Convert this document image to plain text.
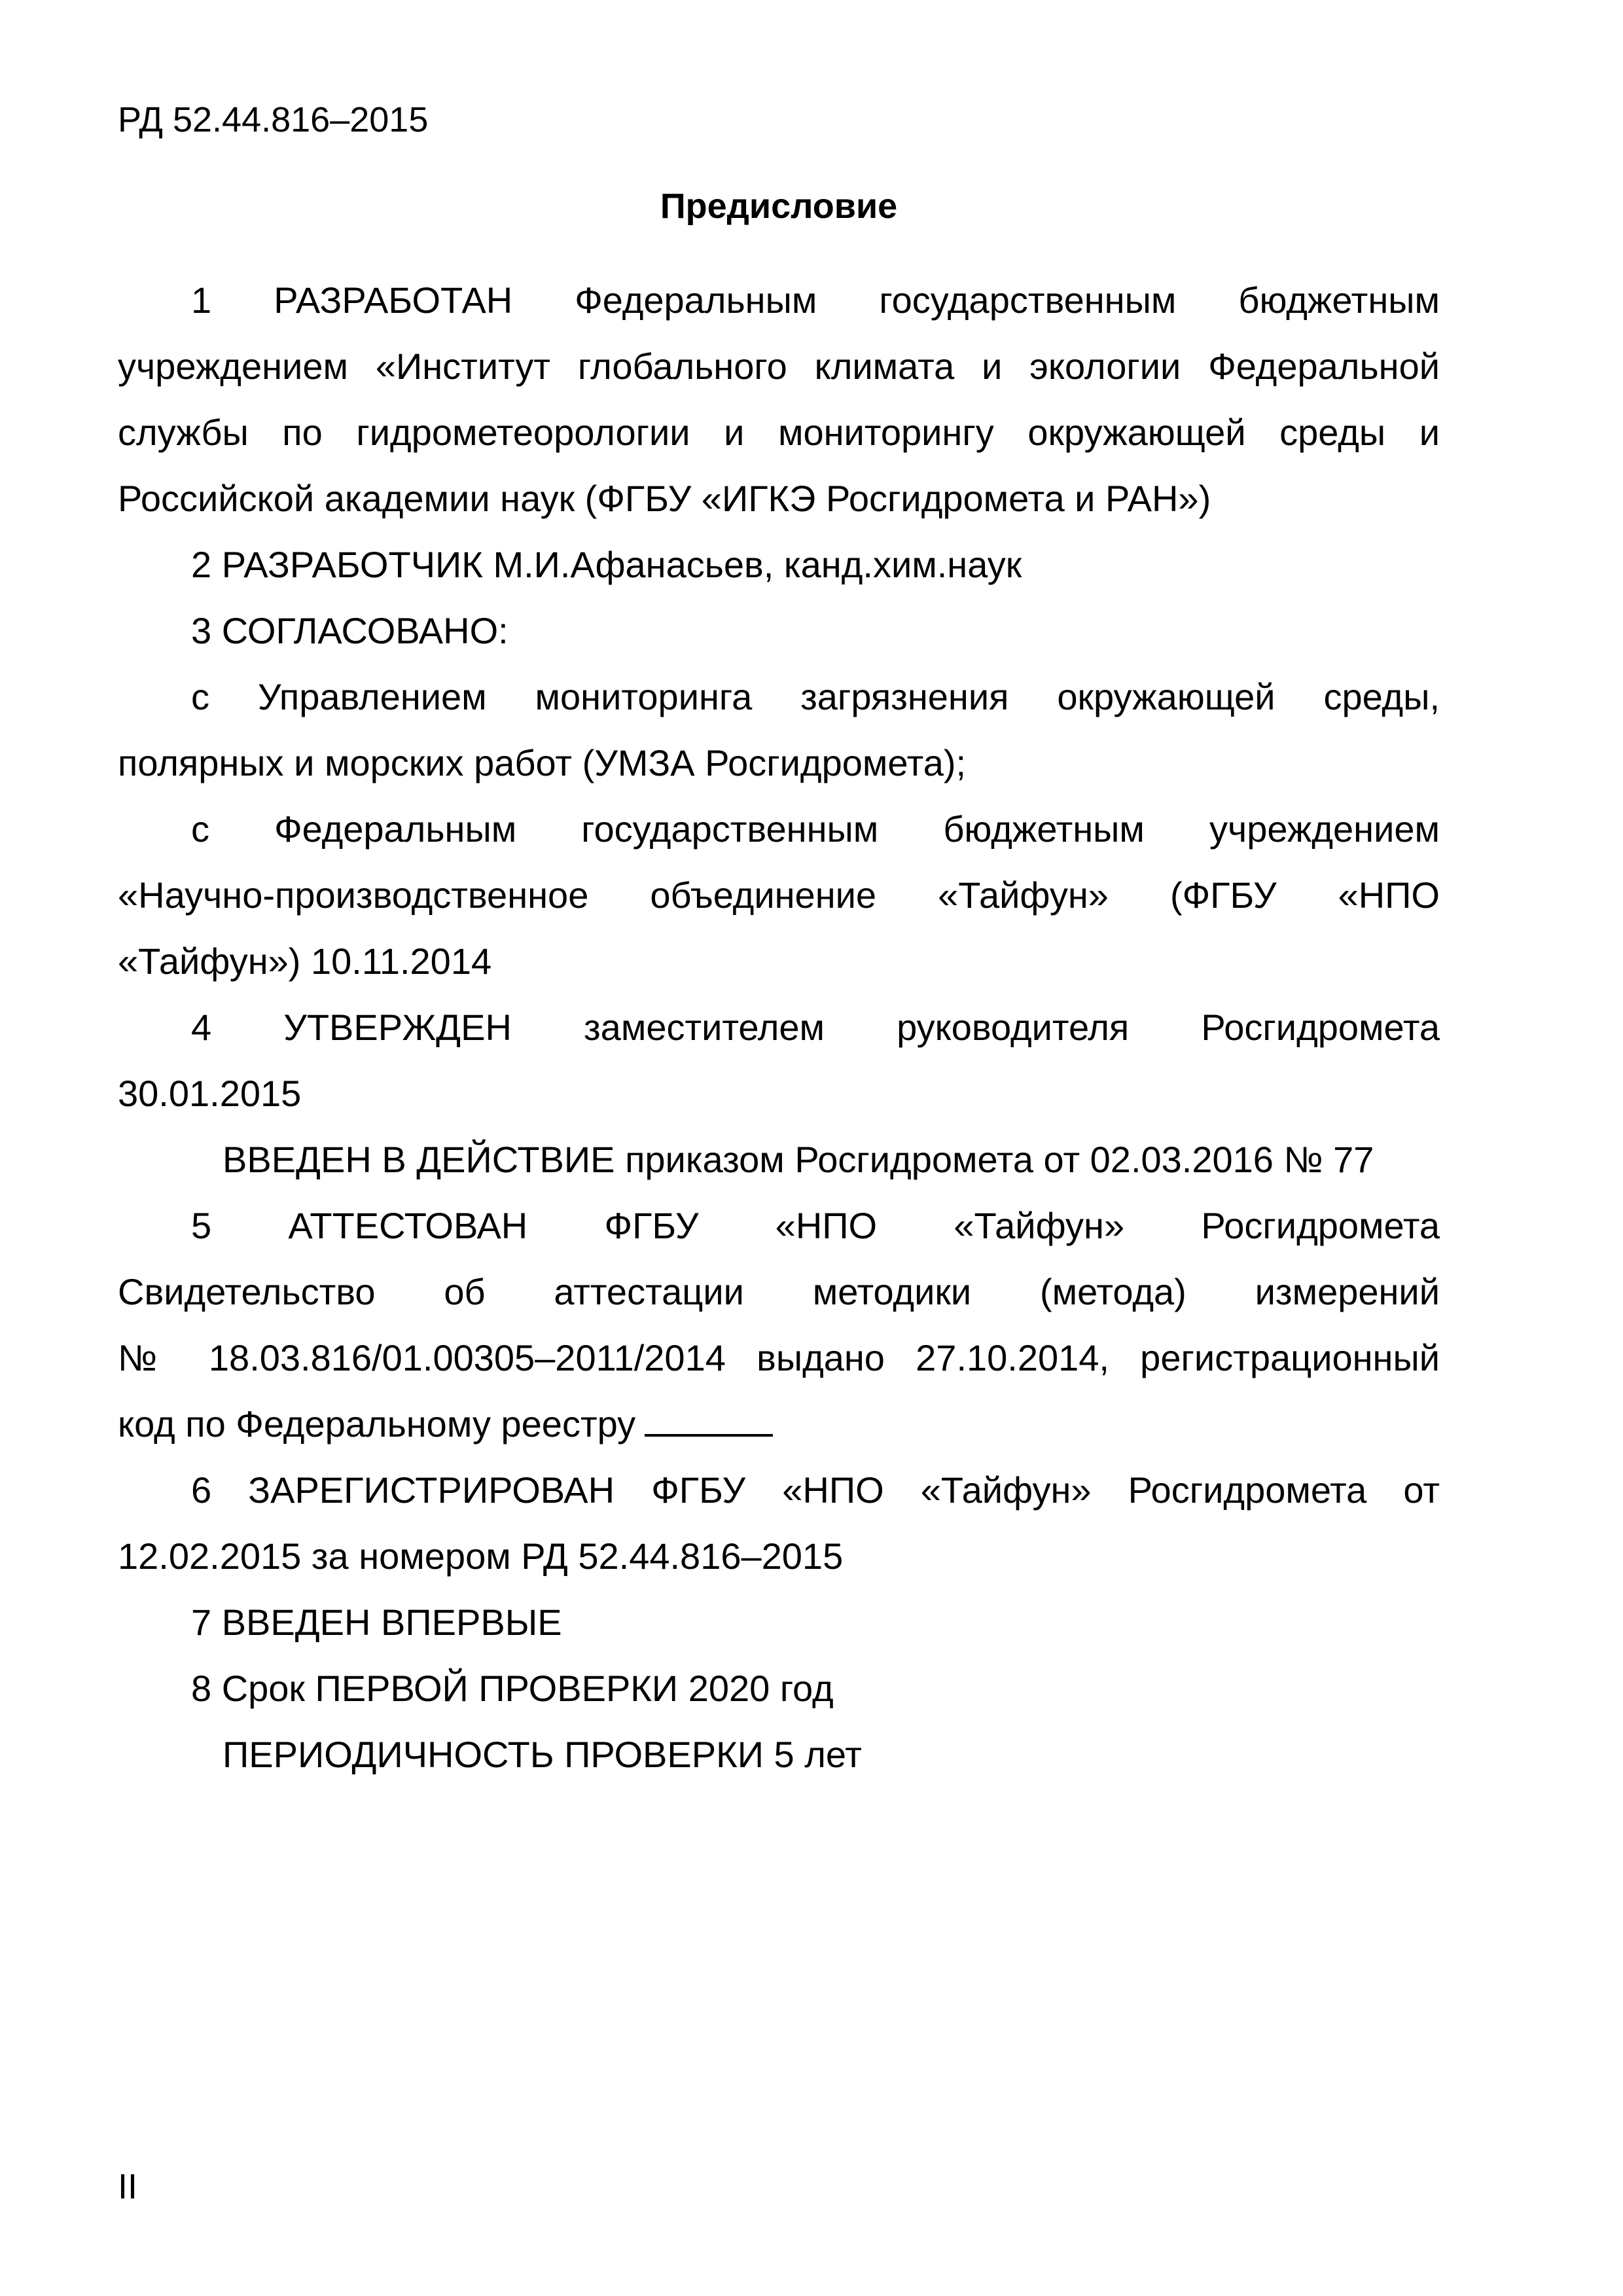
РД 52.44.816–2015
Предисловие
1 РАЗРАБОТАН Федеральным государственным бюджетным
учреждением «Институт глобального климата и экологии Федеральной
службы по гидрометеорологии и мониторингу окружающей среды и
Российской академии наук (ФГБУ «ИГКЭ Росгидромета и РАН»)
2 РАЗРАБОТЧИК М.И.Афанасьев, канд.хим.наук
3 СОГЛАСОВАНО:
с Управлением мониторинга загрязнения окружающей среды,
полярных и морских работ (УМЗА Росгидромета);
с Федеральным государственным бюджетным учреждением
«Научно-производственное объединение «Тайфун» (ФГБУ «НПО
«Тайфун») 10.11.2014
4 УТВЕРЖДЕН заместителем руководителя Росгидромета
30.01.2015
ВВЕДЕН В ДЕЙСТВИЕ приказом Росгидромета от 02.03.2016 № 77
5 АТТЕСТОВАН ФГБУ «НПО «Тайфун» Росгидромета
Свидетельство об аттестации методики (метода) измерений
№ 18.03.816/01.00305–2011/2014 выдано 27.10.2014, регистрационный
код по Федеральному реестру
6 ЗАРЕГИСТРИРОВАН ФГБУ «НПО «Тайфун» Росгидромета от
12.02.2015 за номером РД 52.44.816–2015
7 ВВЕДЕН ВПЕРВЫЕ
8 Срок ПЕРВОЙ ПРОВЕРКИ 2020 год
ПЕРИОДИЧНОСТЬ ПРОВЕРКИ 5 лет
II
